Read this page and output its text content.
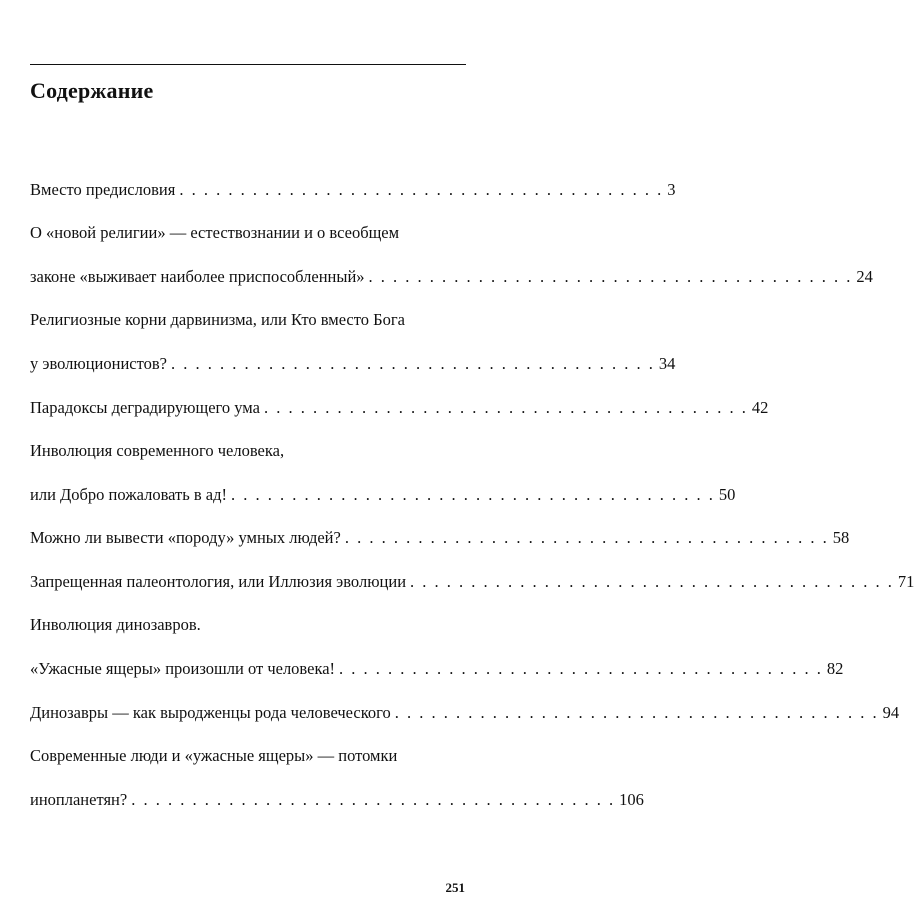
Содержание
Вместо предисловия . . . . . . . . . . . . . . . . . . . . . . . . . . . . . . . . . . . . . . . . 3
О «новой религии» — естествознании и о всеобщем
законе «выживает наиболее приспособленный» . . . . . . . . . . . . . . . . . . . . . . . . . . . . . . . . . . . . . . . . 24
Религиозные корни дарвинизма, или Кто вместо Бога
у эволюционистов? . . . . . . . . . . . . . . . . . . . . . . . . . . . . . . . . . . . . . . . . 34
Парадоксы деградирующего ума . . . . . . . . . . . . . . . . . . . . . . . . . . . . . . . . . . . . . . . . 42
Инволюция современного человека,
или Добро пожаловать в ад! . . . . . . . . . . . . . . . . . . . . . . . . . . . . . . . . . . . . . . . . 50
Можно ли вывести «породу» умных людей? . . . . . . . . . . . . . . . . . . . . . . . . . . . . . . . . . . . . . . . . 58
Запрещенная палеонтология, или Иллюзия эволюции . . . . . . . . . . . . . . . . . . . . . . . . . . . . . . . . . . . . . . . . 71
Инволюция динозавров.
«Ужасные ящеры» произошли от человека! . . . . . . . . . . . . . . . . . . . . . . . . . . . . . . . . . . . . . . . . 82
Динозавры — как выродженцы рода человеческого . . . . . . . . . . . . . . . . . . . . . . . . . . . . . . . . . . . . . . . . 94
Современные люди и «ужасные ящеры» — потомки
инопланетян? . . . . . . . . . . . . . . . . . . . . . . . . . . . . . . . . . . . . . . . . 106
251
